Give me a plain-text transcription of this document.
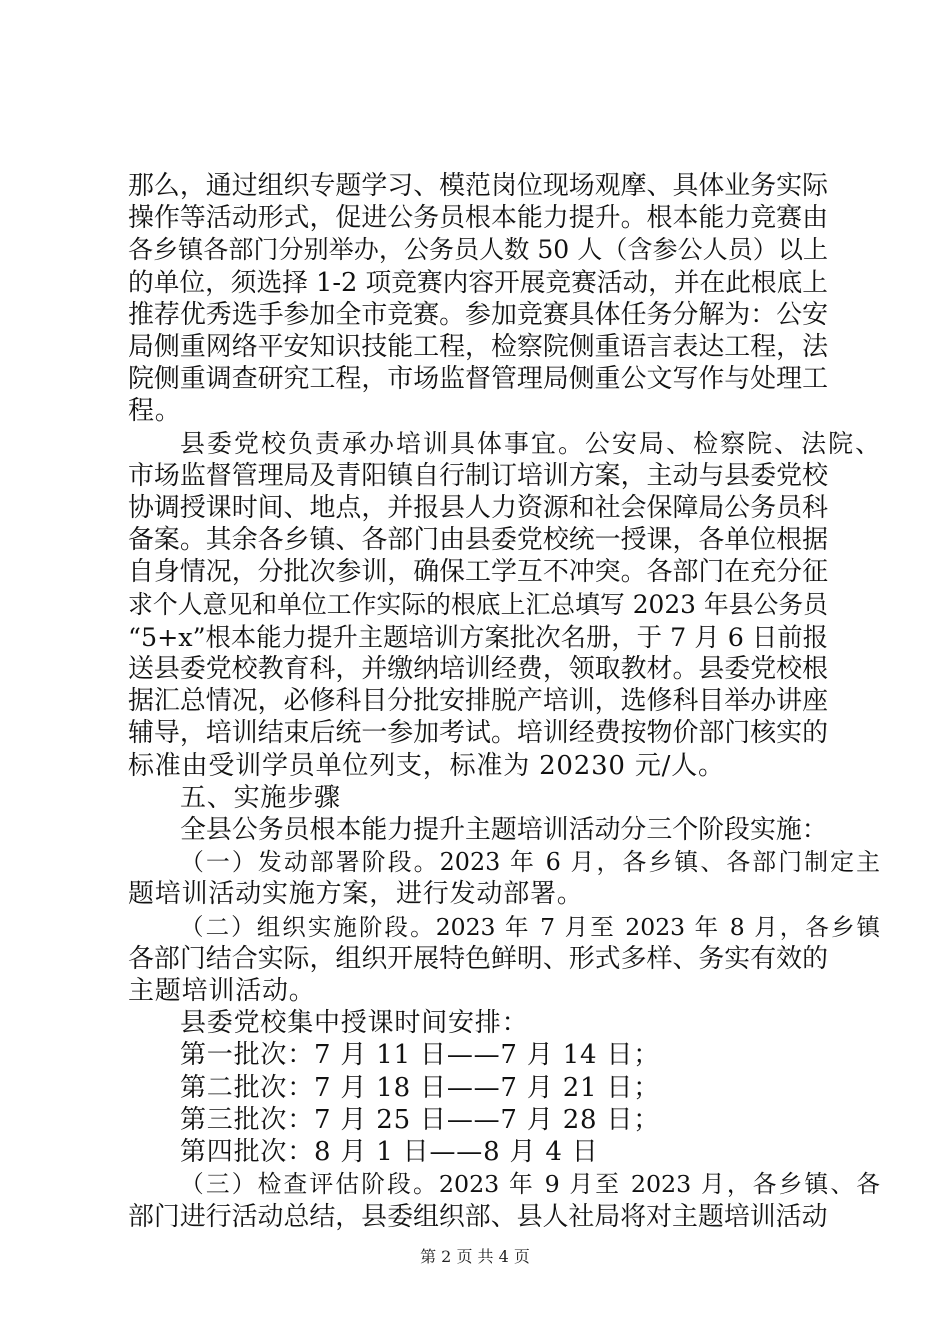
那么，通过组织专题学习、模范岗位现场观摩、具体业务实际
操作等活动形式，促进公务员根本能力提升。根本能力竞赛由
各乡镇各部门分别举办，公务员人数 50 人（含参公人员）以上
的单位，须选择 1-2 项竞赛内容开展竞赛活动，并在此根底上
推荐优秀选手参加全市竞赛。参加竞赛具体任务分解为：公安
局侧重网络平安知识技能工程，检察院侧重语言表达工程，法
院侧重调查研究工程，市场监督管理局侧重公文写作与处理工
程。
县委党校负责承办培训具体事宜。公安局、检察院、法院、
市场监督管理局及青阳镇自行制订培训方案，主动与县委党校
协调授课时间、地点，并报县人力资源和社会保障局公务员科
备案。其余各乡镇、各部门由县委党校统一授课，各单位根据
自身情况，分批次参训，确保工学互不冲突。各部门在充分征
求个人意见和单位工作实际的根底上汇总填写 2023 年县公务员
“5+x”根本能力提升主题培训方案批次名册，于 7 月 6 日前报
送县委党校教育科，并缴纳培训经费，领取教材。县委党校根
据汇总情况，必修科目分批安排脱产培训，选修科目举办讲座
辅导，培训结束后统一参加考试。培训经费按物价部门核实的
标准由受训学员单位列支，标准为 20230 元/人。
五、实施步骤
全县公务员根本能力提升主题培训活动分三个阶段实施：
（一）发动部署阶段。2023 年 6 月，各乡镇、各部门制定主
题培训活动实施方案，进行发动部署。
（二）组织实施阶段。2023 年 7 月至 2023 年 8 月，各乡镇
各部门结合实际，组织开展特色鲜明、形式多样、务实有效的
主题培训活动。
县委党校集中授课时间安排：
第一批次：7 月 11 日——7 月 14 日；
第二批次：7 月 18 日——7 月 21 日；
第三批次：7 月 25 日——7 月 28 日；
第四批次：8 月 1 日——8 月 4 日
（三）检查评估阶段。2023 年 9 月至 2023 月，各乡镇、各
部门进行活动总结，县委组织部、县人社局将对主题培训活动
第 2 页 共 4 页
